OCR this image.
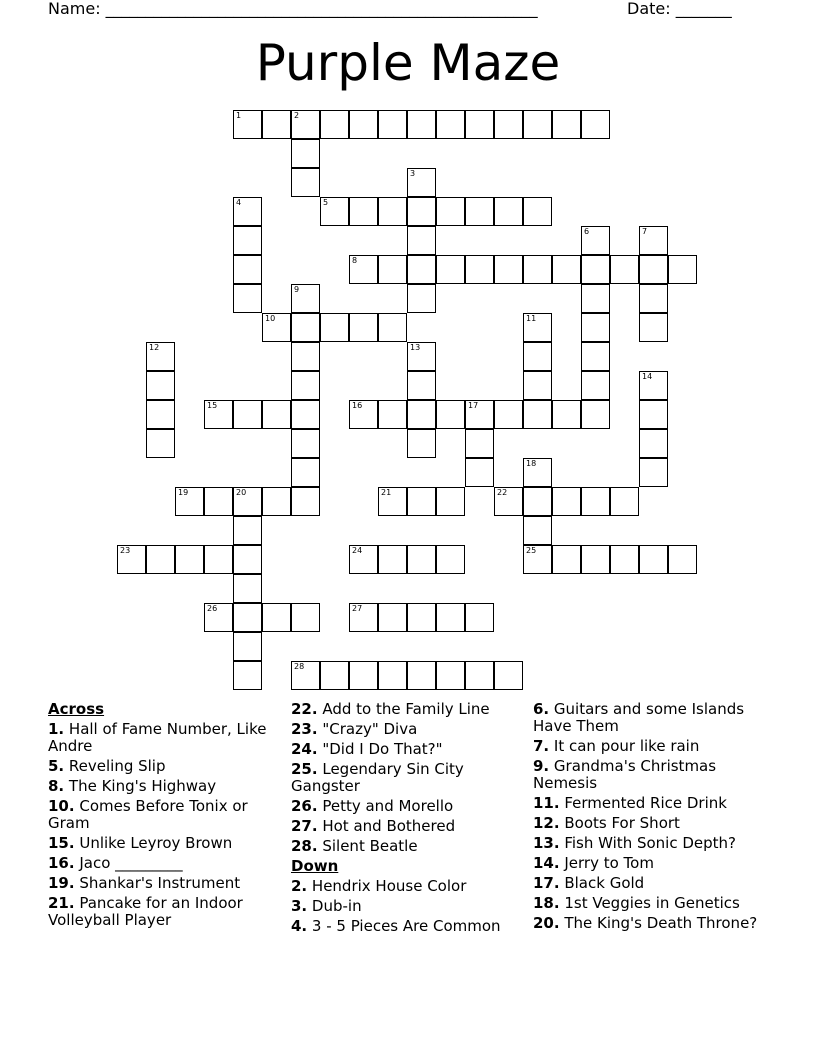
Name: ______________________________________________________	Date: _______
Purple Maze
1	2
3
4	5
6	7
8
9
10	11
12	13
14
15	16	17
18
19	20	21	22
23	24	25
26	27
28
Across
1. Hall of Fame Number, Like Andre
5. Reveling Slip
8. The King's Highway
10. Comes Before Tonix or Gram
15. Unlike Leyroy Brown
16. Jaco _________
19. Shankar's Instrument
21. Pancake for an Indoor Volleyball Player
22. Add to the Family Line
23. "Crazy" Diva
24. "Did I Do That?"
25. Legendary Sin City Gangster
26. Petty and Morello
27. Hot and Bothered
28. Silent Beatle
Down
2. Hendrix House Color
3. Dub-in
4. 3 - 5 Pieces Are Common
6. Guitars and some Islands Have Them
7. It can pour like rain
9. Grandma's Christmas Nemesis
11. Fermented Rice Drink
12. Boots For Short
13. Fish With Sonic Depth?
14. Jerry to Tom
17. Black Gold
18. 1st Veggies in Genetics
20. The King's Death Throne?
